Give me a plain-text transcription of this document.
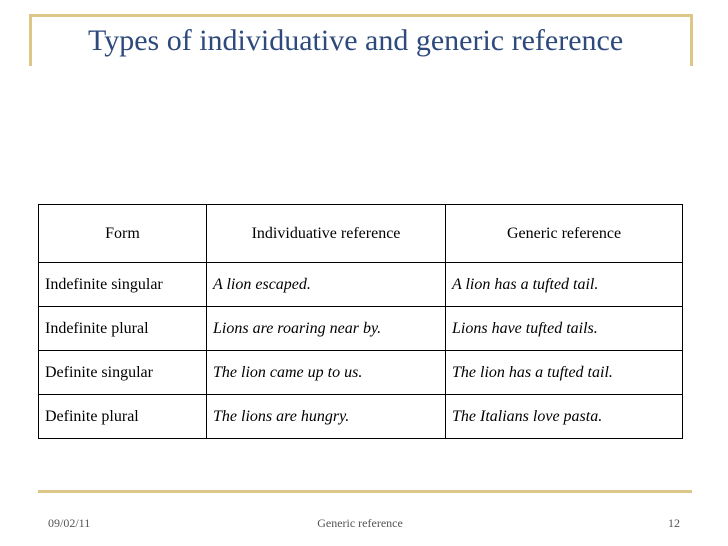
Types of individuative and generic reference
Form	Individuative reference	Generic reference
Indefinite singular	A lion escaped.	A lion has a tufted tail.
Indefinite plural	Lions are roaring near by.	Lions have tufted tails.
Definite singular	The lion came up to us.	The lion has a tufted tail.
Definite plural	The lions are hungry.	The Italians love pasta.
09/02/11	Generic reference	12
